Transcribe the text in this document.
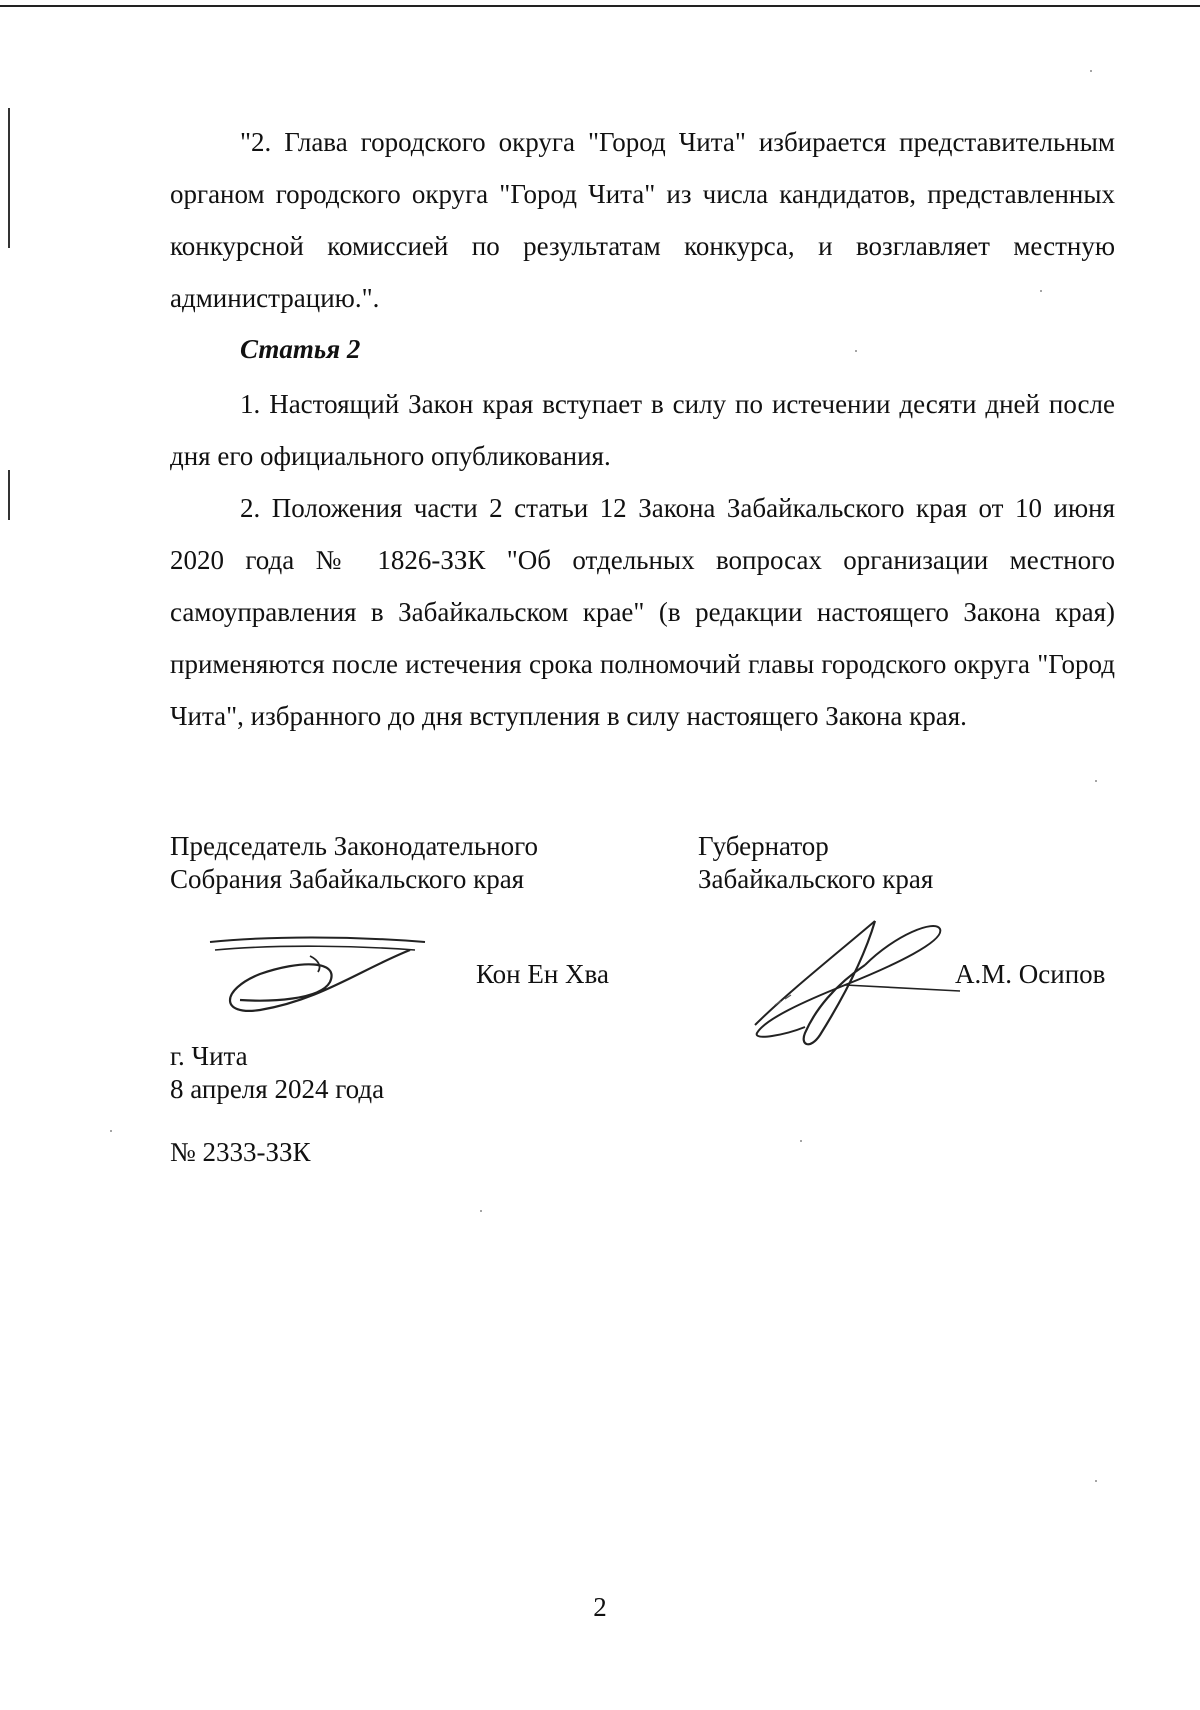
"2. Глава городского округа "Город Чита" избирается представительным органом городского округа "Город Чита" из числа кандидатов, представленных конкурсной комиссией по результатам конкурса, и возглавляет местную администрацию.".

Статья 2

1. Настоящий Закон края вступает в силу по истечении десяти дней после дня его официального опубликования.

2. Положения части 2 статьи 12 Закона Забайкальского края от 10 июня 2020 года № 1826-ЗЗК "Об отдельных вопросах организации местного самоуправления в Забайкальском крае" (в редакции настоящего Закона края) применяются после истечения срока полномочий главы городского округа "Город Чита", избранного до дня вступления в силу настоящего Закона края.

Председатель Законодательного
Собрания Забайкальского края
Губернатор
Забайкальского края
Кон Ен Хва	А.М. Осипов
г. Чита
8 апреля 2024 года
№ 2333-ЗЗК
2
